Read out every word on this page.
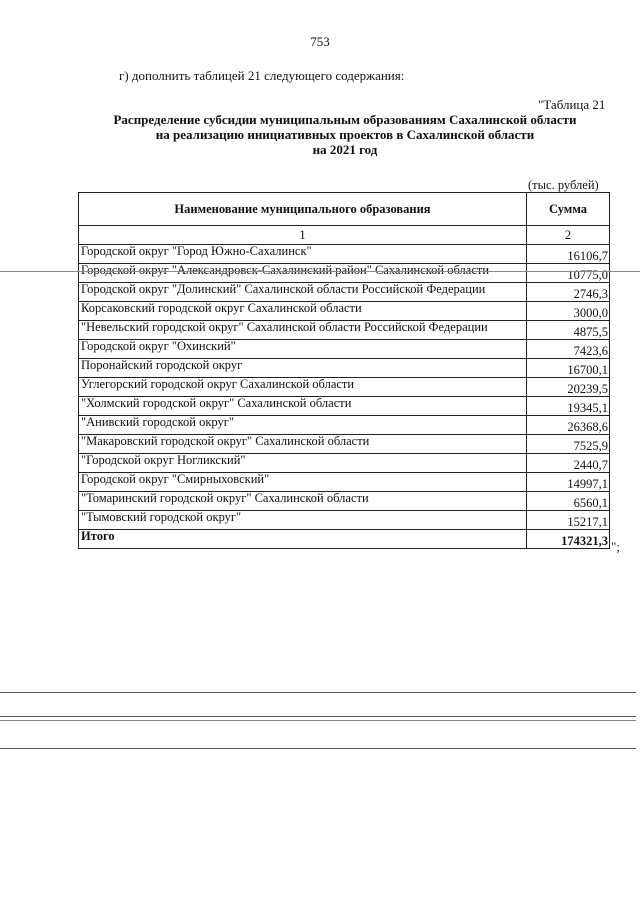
753
г) дополнить таблицей 21 следующего содержания:
"Таблица 21
Распределение субсидии муниципальным образованиям Сахалинской области
на реализацию инициативных проектов в Сахалинской области
на 2021 год
(тыс. рублей)
Наименование муниципального образования	Сумма
1	2
Городской округ "Город Южно-Сахалинск"	16106,7
Городской округ "Александровск-Сахалинский район" Сахалинской области	10775,0
Городской округ "Долинский" Сахалинской области Российской Федерации	2746,3
Корсаковский городской округ Сахалинской области	3000,0
"Невельский городской округ" Сахалинской области Российской Федерации	4875,5
Городской округ "Охинский"	7423,6
Поронайский городской округ	16700,1
Углегорский городской округ Сахалинской области	20239,5
"Холмский городской округ" Сахалинской области	19345,1
"Анивский городской округ"	26368,6
"Макаровский городской округ" Сахалинской области	7525,9
"Городской округ Ногликский"	2440,7
Городской округ "Смирныховский"	14997,1
"Томаринский городской округ" Сахалинской области	6560,1
"Тымовский городской округ"	15217,1
Итого	174321,3 ";
